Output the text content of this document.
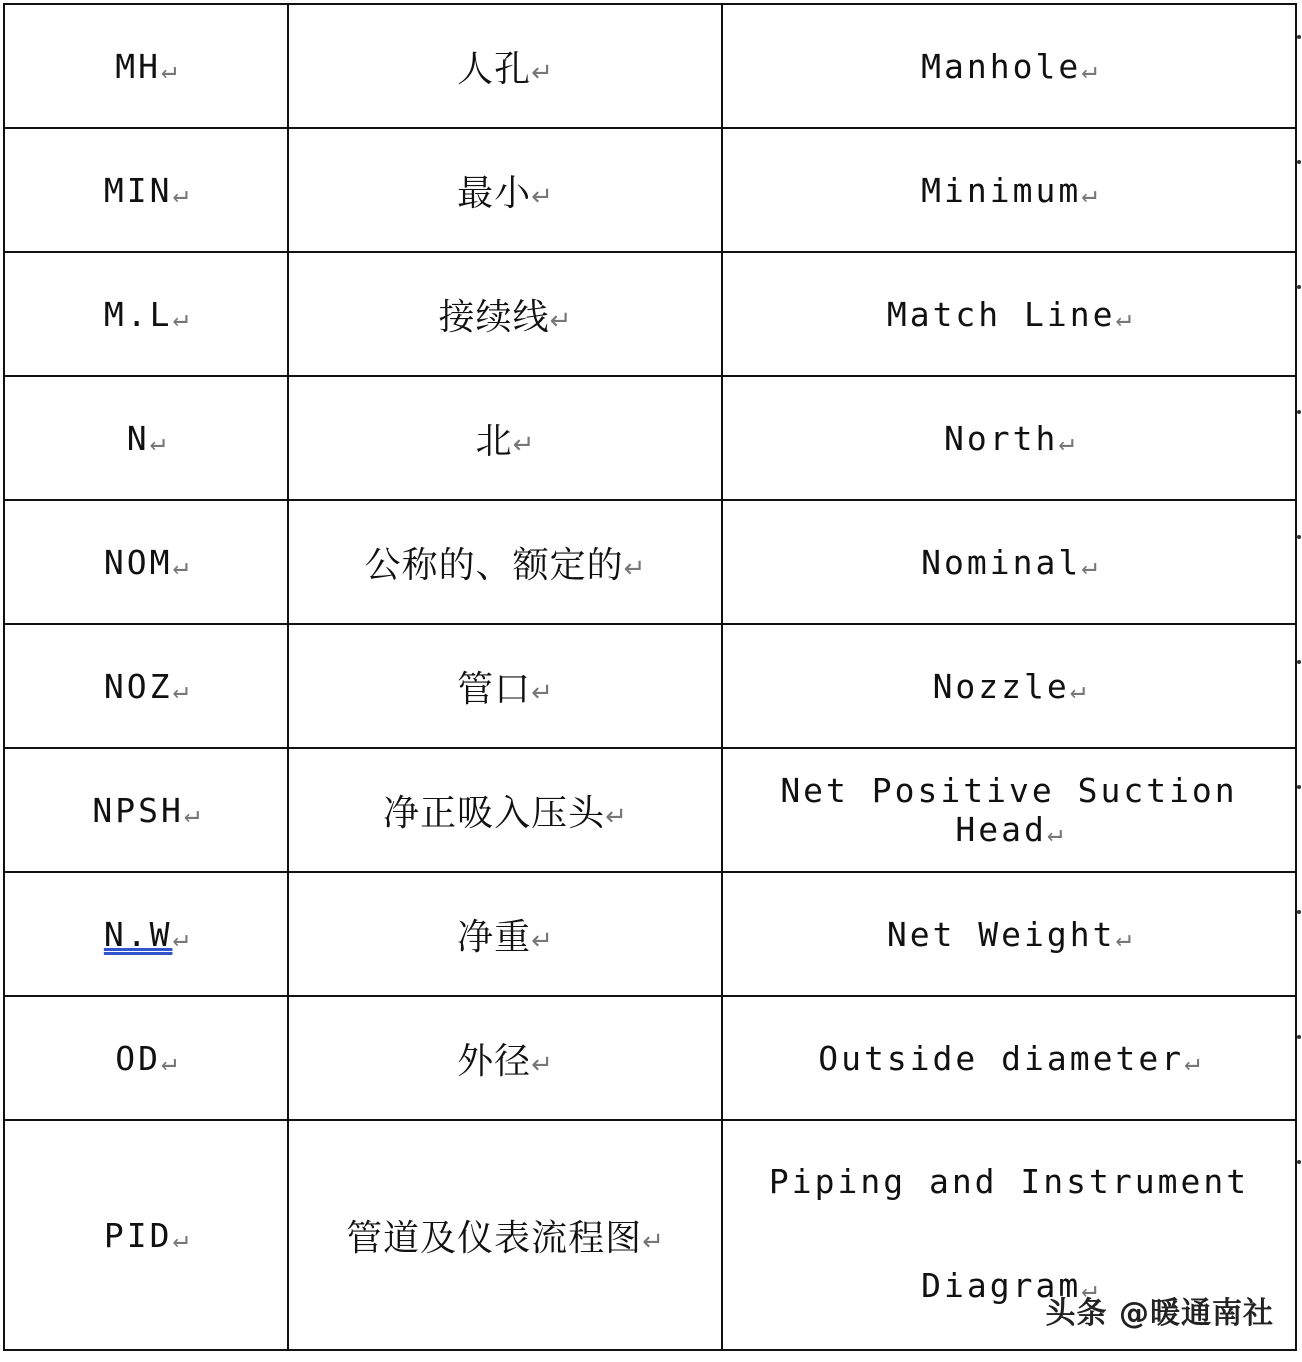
MH↵	人孔↵	Manhole↵
MIN↵	最小↵	Minimum↵
M.L↵	接续线↵	Match Line↵
N↵	北↵	North↵
NOM↵	公称的、额定的↵	Nominal↵
NOZ↵	管口↵	Nozzle↵
NPSH↵	净正吸入压头↵	Net Positive Suction Head↵
N.W↵	净重↵	Net Weight↵
OD↵	外径↵	Outside diameter↵
PID↵	管道及仪表流程图↵	Piping and Instrument Diagram↵
头条 @暖通南社
